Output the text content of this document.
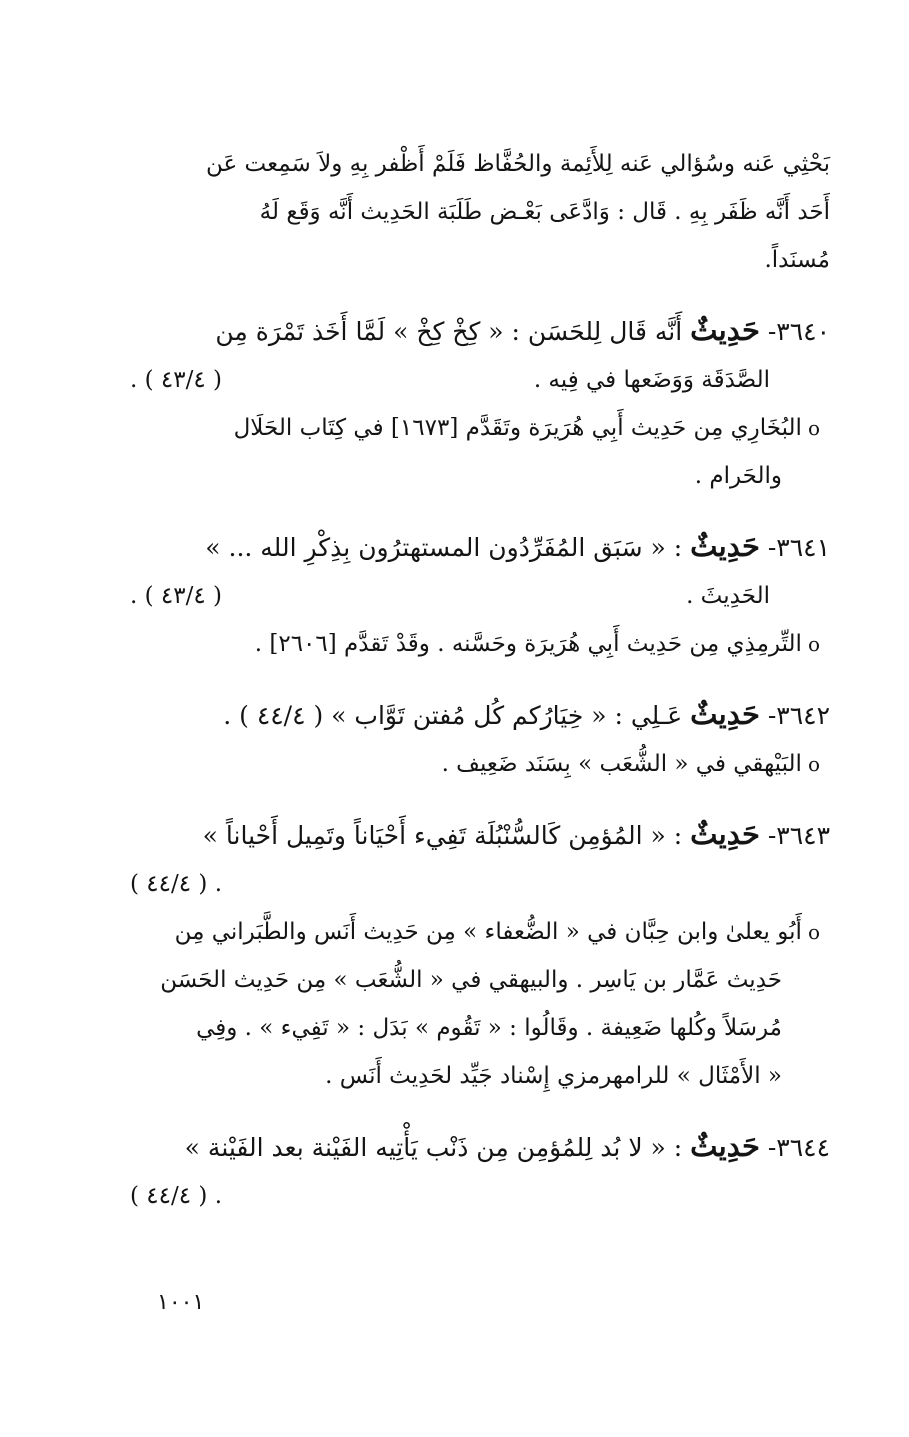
بَحْثِي عَنه وسُؤالي عَنه لِلأَئِمة والحُفَّاظ فَلَمْ أَظْفر بِهِ ولاَ سَمِعت عَن
أَحَد أَنَّه ظَفَر بِهِ . قَال : وَادَّعَى بَعْـض طَلَبَة الحَدِيث أَنَّه وَقَع لَهُ
مُسنَداً.
٣٦٤٠- حَدِيثٌ أَنَّه قَال لِلحَسَن : « كِخْ كِخْ » لَمَّا أَخَذ تَمْرَة مِن
الصَّدَقَة وَوَضَعها في فِيه .
( ٤٣/٤ ) .
oالبُخَارِي مِن حَدِيث أَبِي هُرَيرَة وتَقَدَّم [١٦٧٣] في كِتَاب الحَلَال
والحَرام .
٣٦٤١- حَدِيثٌ : « سَبَق المُفَرِّدُون المستهترُون بِذِكْرِ الله ... »
الحَدِيثَ .
( ٤٣/٤ ) .
oالتِّرمِذِي مِن حَدِيث أَبِي هُرَيرَة وحَسَّنه . وقَدْ تَقدَّم [٢٦٠٦] .
٣٦٤٢- حَدِيثٌ عَـلِي : « خِيَارُكم كُل مُفتن تَوَّاب » ( ٤٤/٤ ) .
oالبَيْهقي في « الشُّعَب » بِسَنَد ضَعِيف .
٣٦٤٣- حَدِيثٌ : « المُؤمِن كَالسُّنْبُلَة تَفِيء أَحْيَاناً وتَمِيل أَحْياناً »
( ٤٤/٤ ) .
oأَبُو يعلىٰ وابن حِبَّان في « الضُّعفاء » مِن حَدِيث أَنَس والطَّبَراني مِن
حَدِيث عَمَّار بن يَاسِر . والبيهقي في « الشُّعَب » مِن حَدِيث الحَسَن
مُرسَلاً وكُلها ضَعِيفة . وقَالُوا : « تَقُوم » بَدَل : « تَفِيء » . وفِي
« الأَمْثَال » للرامهرمزي إِسْناد جَيِّد لحَدِيث أَنَس .
٣٦٤٤- حَدِيثٌ : « لا بُد لِلمُؤمِن مِن ذَنْب يَأْتِيه الفَيْنة بعد الفَيْنة »
( ٤٤/٤ ) .
١٠٠١
